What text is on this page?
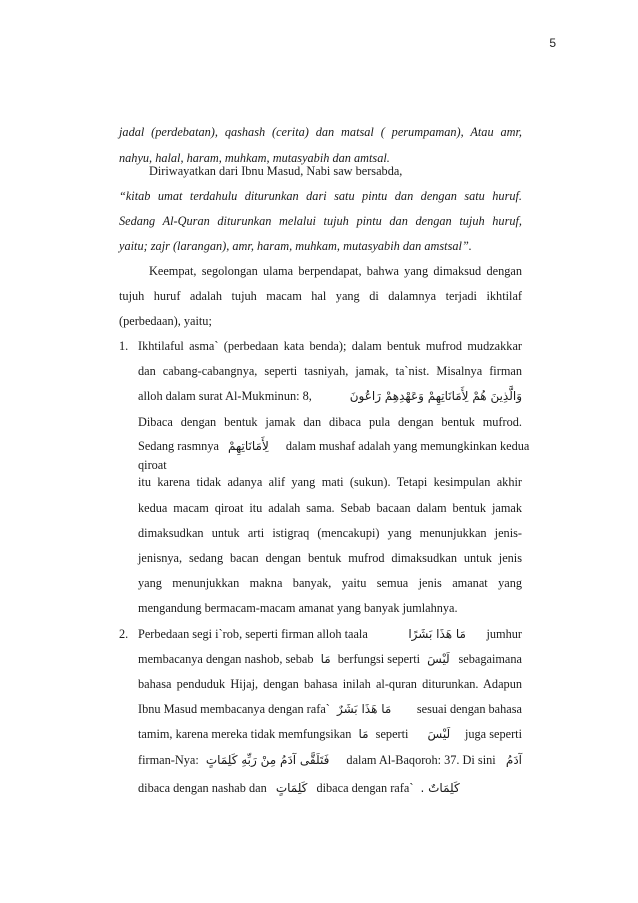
5
jadal (perdebatan), qashash (cerita) dan matsal ( perumpaman), Atau amr,
nahyu, halal, haram, muhkam, mutasyabih dan amtsal.
Diriwayatkan dari Ibnu Masud, Nabi saw bersabda,
“kitab umat terdahulu diturunkan dari satu pintu dan dengan satu huruf.
Sedang Al-Quran diturunkan melalui tujuh pintu dan dengan tujuh huruf,
yaitu; zajr (larangan), amr, haram, muhkam, mutasyabih dan amstsal”.
Keempat, segolongan ulama berpendapat, bahwa yang dimaksud dengan
tujuh huruf adalah tujuh macam hal yang di dalamnya terjadi ikhtilaf
(perbedaan), yaitu;
1. Ikhtilaful asma` (perbedaan kata benda); dalam bentuk mufrod mudzakkar
dan cabang-cabangnya, seperti tasniyah, jamak, ta`nist. Misalnya firman
alloh dalam surat Al-Mukminun: 8,	وَالَّذِينَ هُمْ لِأَمَانَاتِهِمْ وَعَهْدِهِمْ رَاعُونَ
Dibaca dengan bentuk jamak dan dibaca pula dengan bentuk mufrod.
Sedang rasmnya لِأَمَانَاتِهِمْ dalam mushaf adalah yang memungkinkan kedua
qiroat
itu karena tidak adanya alif yang mati (sukun). Tetapi kesimpulan akhir
kedua macam qiroat itu adalah sama. Sebab bacaan dalam bentuk jamak
dimaksudkan untuk arti istigraq (mencakupi) yang menunjukkan jenis-
jenisnya, sedang bacan dengan bentuk mufrod dimaksudkan untuk jenis
yang menunjukkan makna banyak, yaitu semua jenis amanat yang
mengandung bermacam-macam amanat yang banyak jumlahnya.
2. Perbedaan segi i`rob, seperti firman alloh taala	مَا هَذَا بَشَرًا jumhur
membacanya dengan nashob, sebab مَا berfungsi seperti لَيْسَ sebagaimana
bahasa penduduk Hijaj, dengan bahasa inilah al-quran diturunkan. Adapun
Ibnu Masud membacanya dengan rafa` مَا هَذَا بَشَرٌ sesuai dengan bahasa
tamim, karena mereka tidak memfungsikan مَا seperti لَيْسَ juga seperti
firman-Nya: فَتَلَقَّى آدَمُ مِنْ رَبِّهِ كَلِمَاتٍ dalam Al-Baqoroh: 37. Di sini آدَمُ
dibaca dengan nashab dan كَلِمَاتٍ dibaca dengan rafa` كَلِمَاتٌ .
